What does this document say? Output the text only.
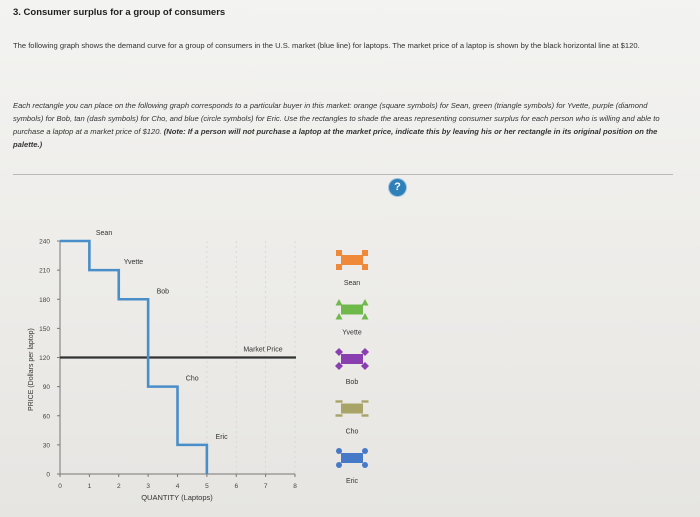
3. Consumer surplus for a group of consumers
The following graph shows the demand curve for a group of consumers in the U.S. market (blue line) for laptops. The market price of a laptop is shown by the black horizontal line at $120.
Each rectangle you can place on the following graph corresponds to a particular buyer in this market: orange (square symbols) for Sean, green (triangle symbols) for Yvette, purple (diamond symbols) for Bob, tan (dash symbols) for Cho, and blue (circle symbols) for Eric. Use the rectangles to shade the areas representing consumer surplus for each person who is willing and able to purchase a laptop at a market price of $120. (Note: If a person will not purchase a laptop at the market price, indicate this by leaving his or her rectangle in its original position on the palette.)
?
0
30
60
90
120
150
180
210
240
0	1	2	3	4	5	6	7	8
PRICE (Dollars per laptop)
QUANTITY (Laptops)
Market Price
Sean
Yvette
Bob
Cho
Eric
Sean
Yvette
Bob
Cho
Eric
